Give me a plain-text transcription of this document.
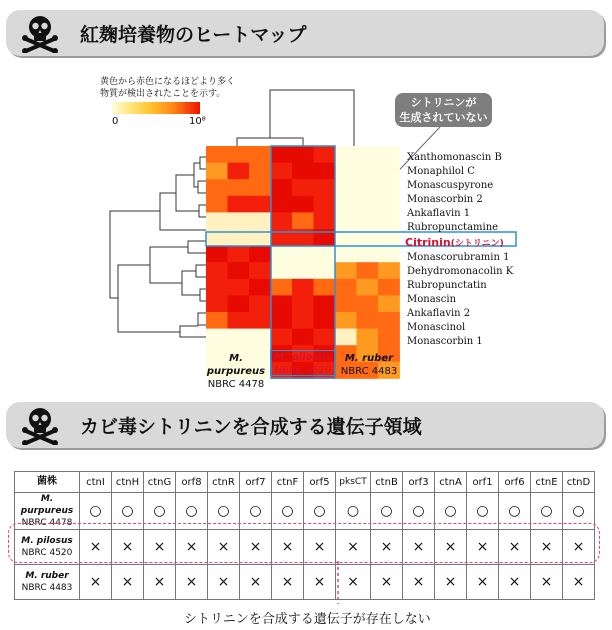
紅麹培養物のヒートマップ
黄色から赤色になるほどより多く
物質が検出されたことを示す。
0	10⁸
シトリニンが
生成されていない
Xanthomonascin B
Monaphilol C
Monascuspyrone
Monascorbin 2
Ankaflavin 1
Rubropunctamine
Citrinin(シトリニン)
Monascorubramin 1
Dehydromonacolin K
Rubropunctatin
Monascin
Ankaflavin 2
Monascinol
Monascorbin 1
M. purpureus
NBRC 4478
M. pilosus
NBRC 4520
M. ruber
NBRC 4483
カビ毒シトリニンを合成する遺伝子領域
菌株	ctnI	ctnH	ctnG	orf8	ctnR	orf7	ctnF	orf5	pksCT	ctnB	orf3	ctnA	orf1	orf6	ctnE	ctnD
M. purpureus
NBRC 4478	○	○	○	○	○	○	○	○	○	○	○	○	○	○	○	○
M. pilosus
NBRC 4520	×	×	×	×	×	×	×	×	×	×	×	×	×	×	×	×
M. ruber
NBRC 4483	×	×	×	×	×	×	×	×	×	×	×	×	×	×	×	×
シトリニンを合成する遺伝子が存在しない
